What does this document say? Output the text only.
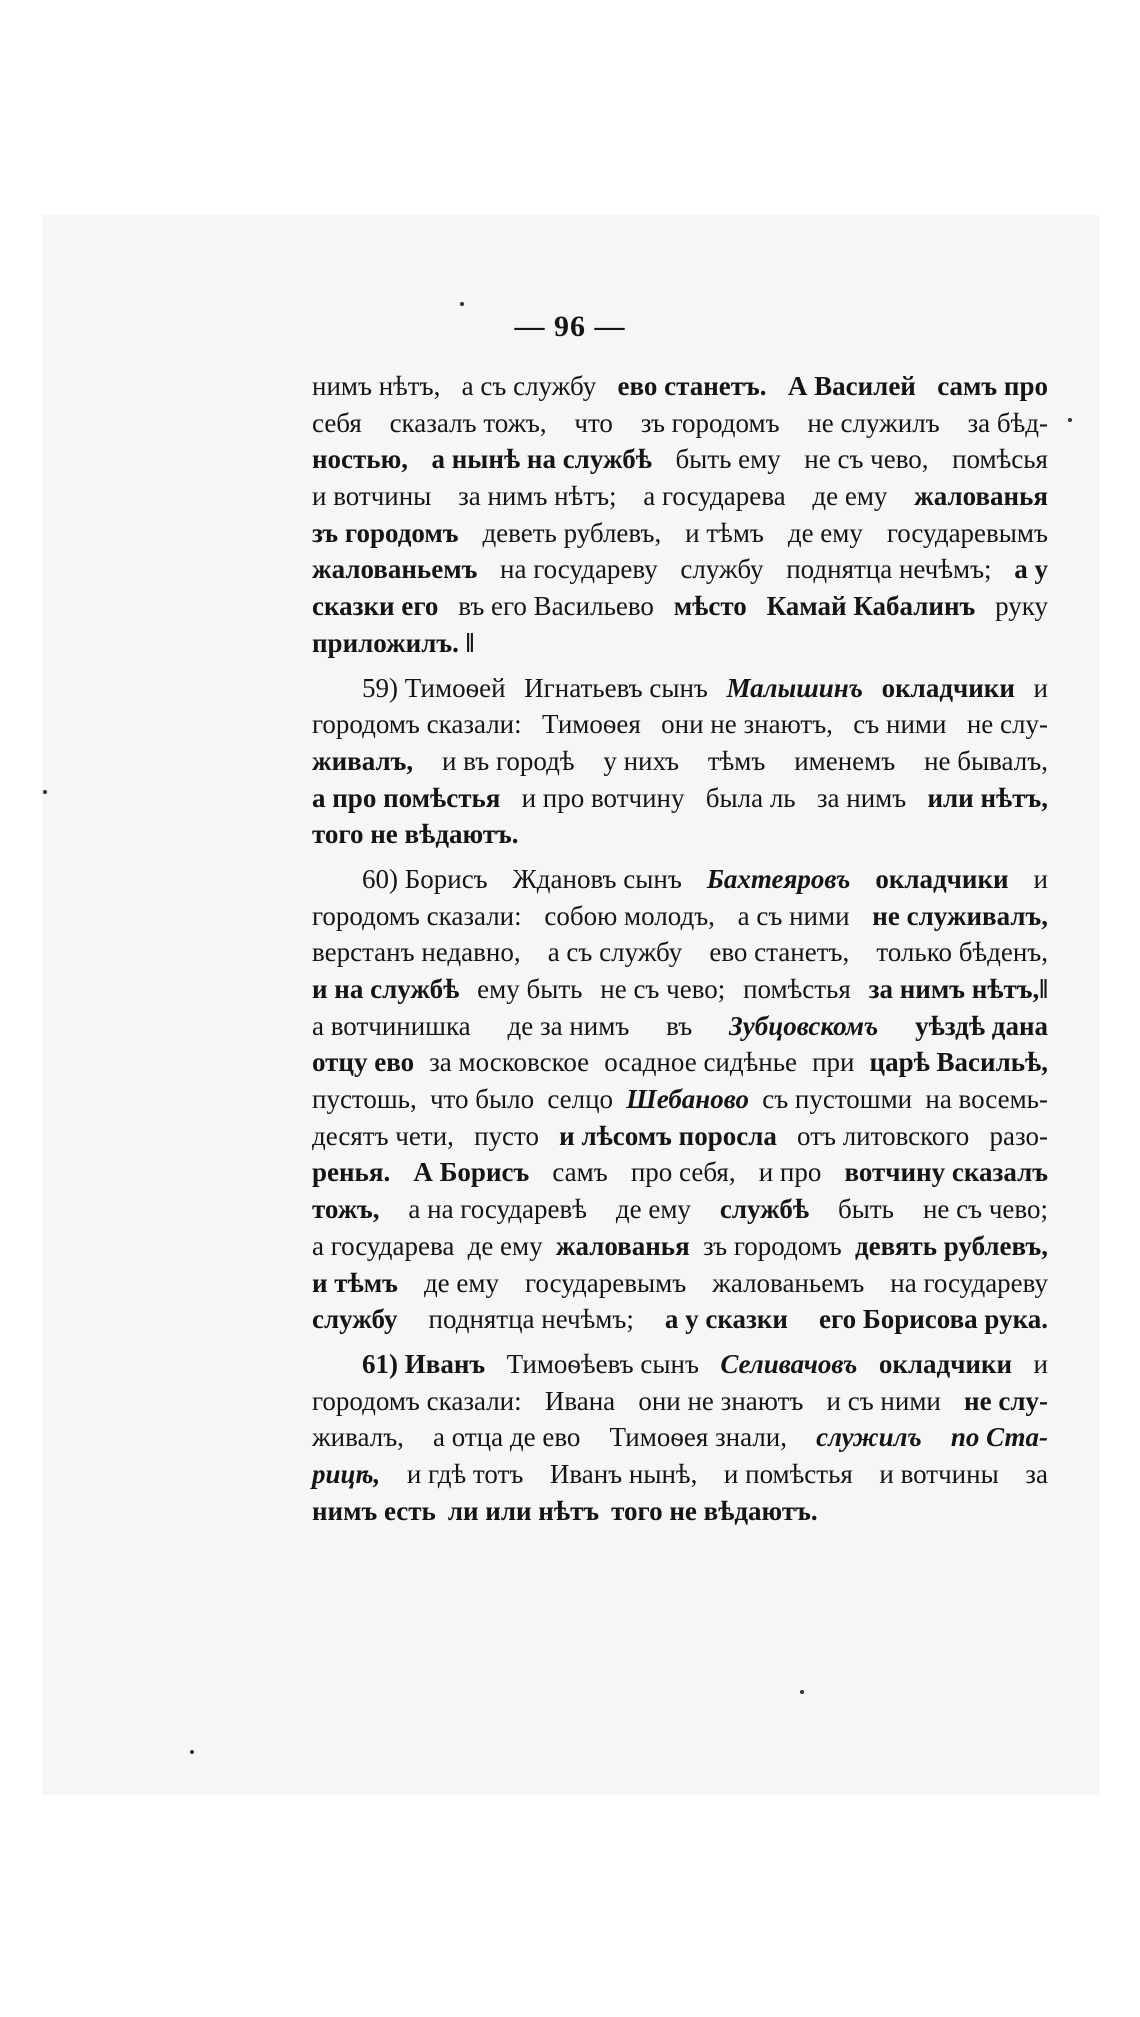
— 96 —
нимъ нѣтъ, а съ службу ево станетъ. А Василей самъ про
себя сказалъ тожъ, что зъ городомъ не служилъ за бѣд-
ностью, а нынѣ на службѣ быть ему не съ чево, помѣсья
и вотчины за нимъ нѣтъ; а государева де ему жалованья
зъ городомъ деветь рублевъ, и тѣмъ де ему государевымъ
жалованьемъ на государеву службу поднятца нечѣмъ; а у
сказки его въ его Васильево мѣсто Камай Кабалинъ руку
приложилъ. ‖
59) Тимоѳей Игнатьевъ сынъ Малышинъ окладчики и
городомъ сказали: Тимоѳея они не знаютъ, съ ними не слу-
живалъ, и въ городѣ у нихъ тѣмъ именемъ не бывалъ,
а про помѣстья и про вотчину была ль за нимъ или нѣтъ,
того не вѣдаютъ.
60) Борисъ Ждановъ сынъ Бахтеяровъ окладчики и
городомъ сказали: собою молодъ, а съ ними не служивалъ,
верстанъ недавно, а съ службу ево станетъ, только бѣденъ,
и на службѣ ему быть не съ чево; помѣстья за нимъ нѣтъ,‖
а вотчинишка де за нимъ въ Зубцовскомъ уѣздѣ дана
отцу ево за московское осадное сидѣнье при царѣ Васильѣ,
пустошь, что было селцо Шебаново съ пустошми на восемь-
десятъ чети, пусто и лѣсомъ поросла отъ литовского разо-
ренья. А Борисъ самъ про себя, и про вотчину сказалъ
тожъ, а на государевѣ де ему службѣ быть не съ чево;
а государева де ему жалованья зъ городомъ девять рублевъ,
и тѣмъ де ему государевымъ жалованьемъ на государеву
службу поднятца нечѣмъ; а у сказки его Борисова рука.
61) Иванъ Тимоѳѣевъ сынъ Селивачовъ окладчики и
городомъ сказали: Ивана они не знаютъ и съ ними не слу-
живалъ, а отца де ево Тимоѳея знали, служилъ по Ста-
рицѣ, и гдѣ тотъ Иванъ нынѣ, и помѣстья и вотчины за
нимъ есть ли или нѣтъ того не вѣдаютъ.
